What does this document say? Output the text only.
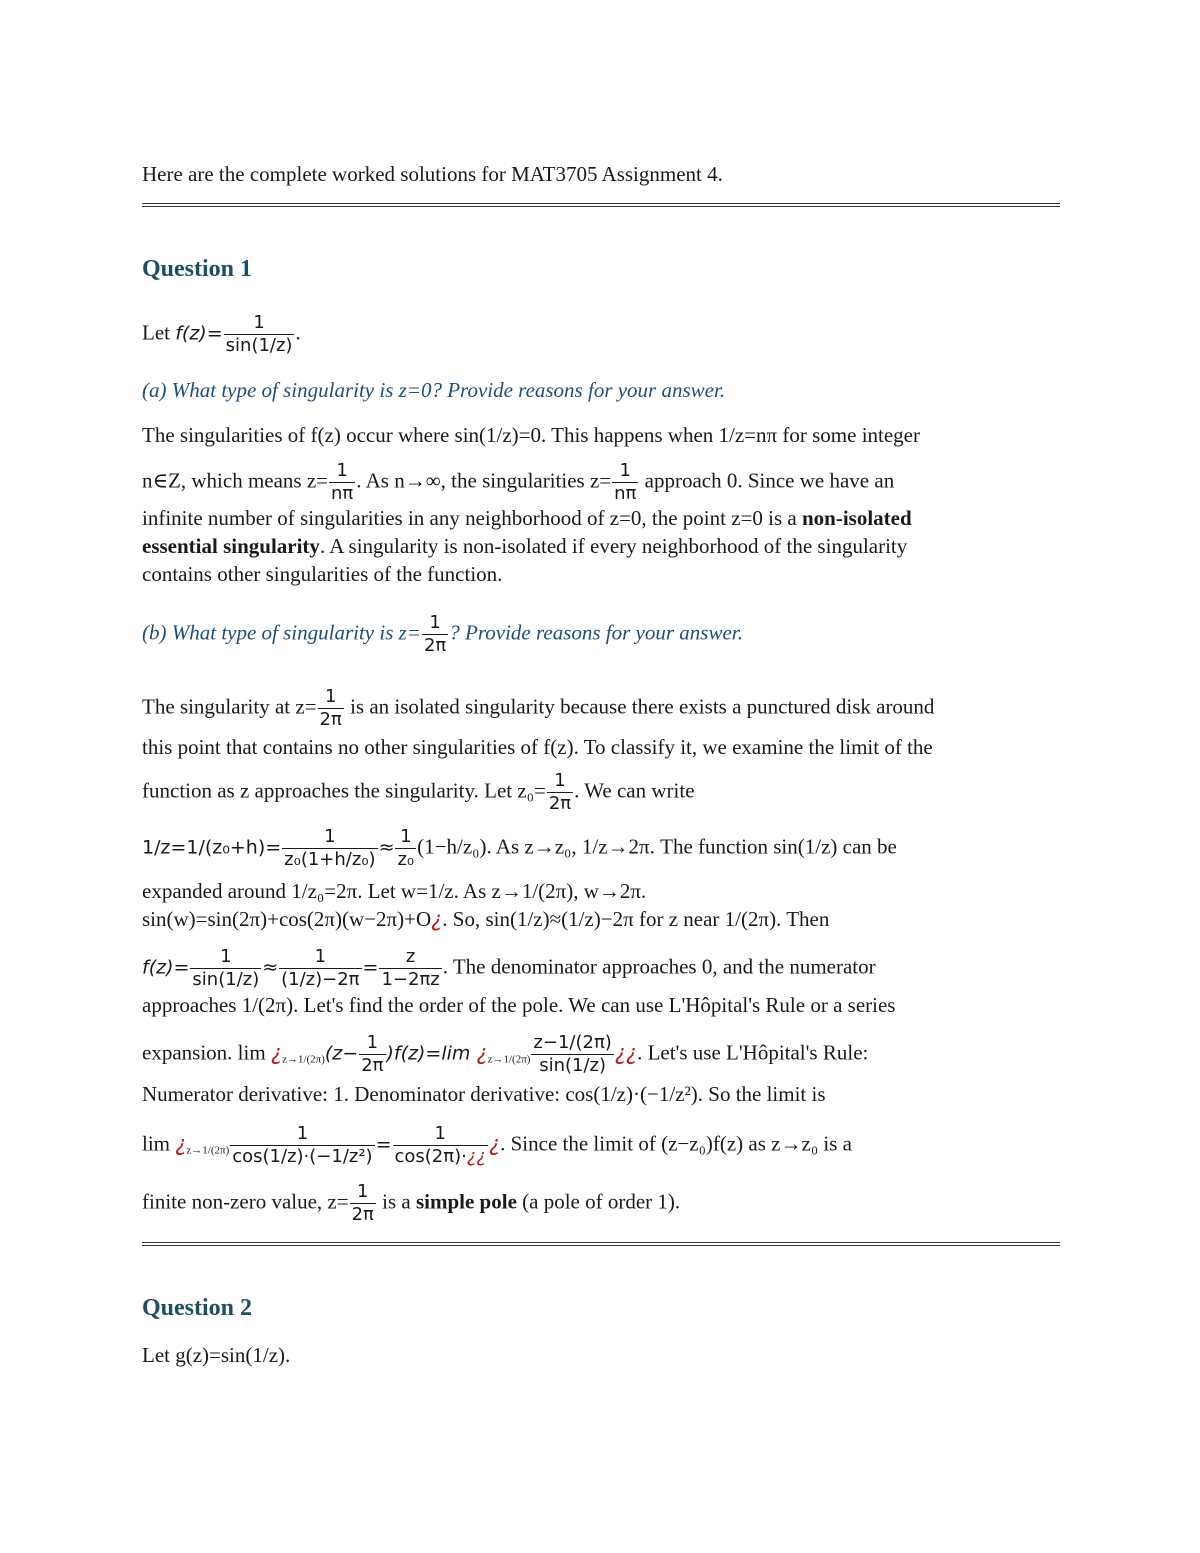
Here are the complete worked solutions for MAT3705 Assignment 4.
Question 1
Let $f(z)= \frac{1}{\sin(1/z)}$ .
(a) What type of singularity is z=0? Provide reasons for your answer.
The singularities of f(z) occur where sin(1/z)=0. This happens when 1/z=nπ for some integer
n∈Z, which means $z= \frac{1}{n\pi}$ . As n→∞, the singularities $z= \frac{1}{n\pi}$ approach 0. Since we have an
infinite number of singularities in any neighborhood of z=0, the point z=0 is a non-isolated
essential singularity. A singularity is non-isolated if every neighborhood of the singularity
contains other singularities of the function.
(b) What type of singularity is $z= \frac{1}{2\pi}$ ? Provide reasons for your answer.
The singularity at $z= \frac{1}{2\pi}$ is an isolated singularity because there exists a punctured disk around
this point that contains no other singularities of f(z). To classify it, we examine the limit of the
function as z approaches the singularity. Let $z_0= \frac{1}{2\pi}$ . We can write
$1/z=1/(z_0+h)= \frac{1}{\text{z₀(1+h/z₀)}} \approx \frac{1}{\text{z₀}} (1-h/z_0)$. As z→z₀, 1/z→2π. The function sin(1/z) can be
expanded around 1/z₀=2π. Let w=1/z. As z→1/(2π), w→2π.
sin(w)=sin(2π)+cos(2π)(w−2π)+O¿. So, sin(1/z)≈(1/z)−2π for z near 1/(2π). Then
$f(z)= \frac{1}{\sin(1/z)} \approx \frac{1}{(1/z)-2\pi} = \frac{z}{1-2\pi z}$ . The denominator approaches 0, and the numerator
approaches 1/(2π). Let's find the order of the pole. We can use L'Hôpital's Rule or a series
expansion. $\lim ¿_{z\to 1/(2\pi)}(z- \frac{1}{2\pi} )f(z)=\lim$ ¿$_{z\to 1/(2\pi)} \frac{z-1/(2\pi)}{\sin(1/z)}$ ¿¿. Let's use L'Hôpital's Rule:
Numerator derivative: 1. Denominator derivative: cos(1/z)·(−1/z²). So the limit is
$\lim ¿_{z\to 1/(2\pi)} \frac{1}{\text{cos(1/z)·(−1/z²)}} = \frac{1}{\cos(2\pi)\cdot¿¿}$ ¿. Since the limit of (z−z₀)f(z) as z→z₀ is a
finite non-zero value, $z= \frac{1}{2\pi}$ is a simple pole (a pole of order 1).
Question 2
Let g(z)=sin(1/z).
